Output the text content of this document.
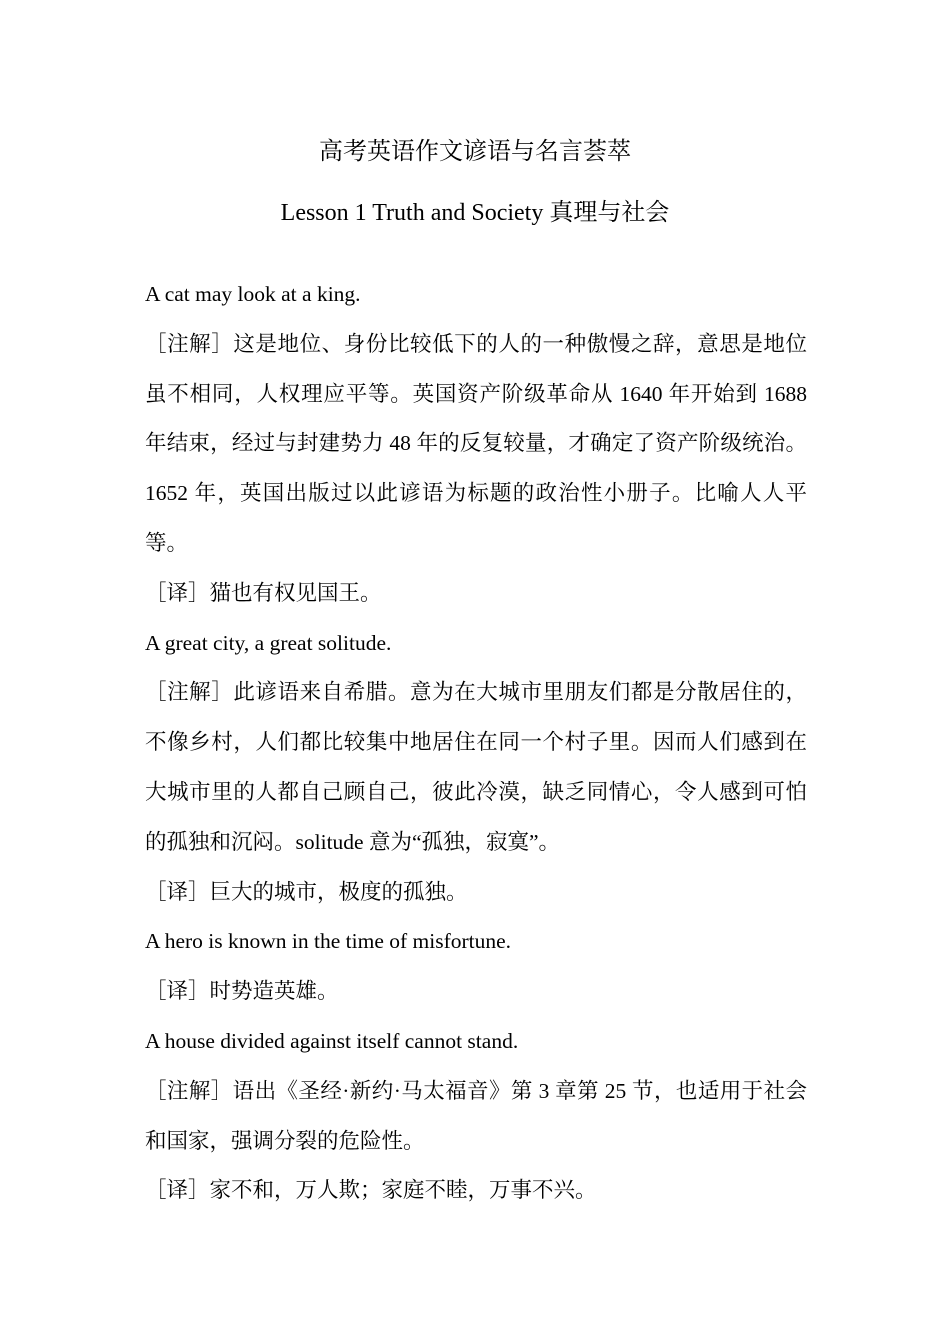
高考英语作文谚语与名言荟萃
Lesson 1 Truth and Society 真理与社会

A cat may look at a king.

［注解］这是地位、身份比较低下的人的一种傲慢之辞，意思是地位虽不相同，人权理应平等。英国资产阶级革命从 1640 年开始到 1688 年结束，经过与封建势力 48 年的反复较量，才确定了资产阶级统治。1652 年，英国出版过以此谚语为标题的政治性小册子。比喻人人平等。

［译］猫也有权见国王。

A great city, a great solitude.

［注解］此谚语来自希腊。意为在大城市里朋友们都是分散居住的，不像乡村，人们都比较集中地居住在同一个村子里。因而人们感到在大城市里的人都自己顾自己，彼此冷漠，缺乏同情心，令人感到可怕的孤独和沉闷。solitude 意为“孤独，寂寞”。

［译］巨大的城市，极度的孤独。

A hero is known in the time of misfortune.

［译］时势造英雄。

A house divided against itself cannot stand.

［注解］语出《圣经·新约·马太福音》第 3 章第 25 节，也适用于社会和国家，强调分裂的危险性。

［译］家不和，万人欺；家庭不睦，万事不兴。
